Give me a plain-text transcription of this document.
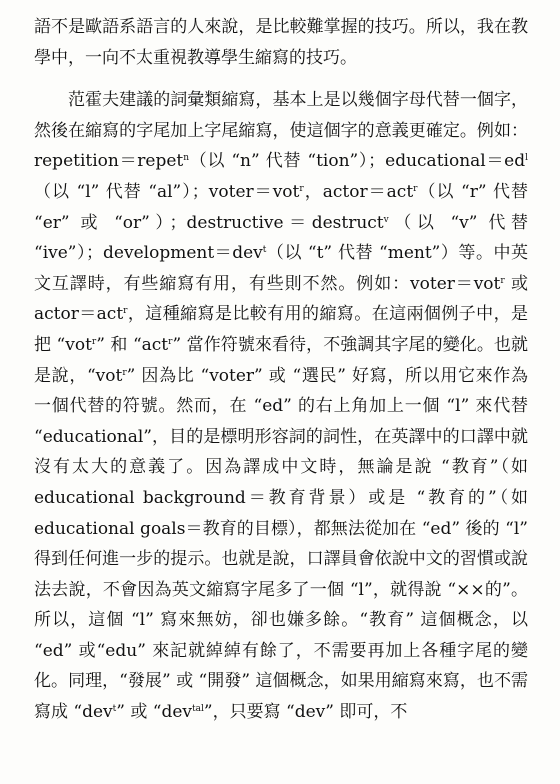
語不是歐語系語言的人來說，是比較難掌握的技巧。所以，我在教學中，一向不太重視教導學生縮寫的技巧。

范霍夫建議的詞彙類縮寫，基本上是以幾個字母代替一個字，然後在縮寫的字尾加上字尾縮寫，使這個字的意義更確定。例如：repetition＝repet$^n$（以 “n” 代替 “tion”）；$educational=ed^l$（以 “l” 代替 “al”）；voter＝vot$^r$，actor＝act$^r$（以 “r” 代替 “er” 或 “or”）；destructive＝destruct$^v$（以 “v” 代替 “ive”）；development＝dev$^t$（以 “t” 代替 “ment”）等。中英文互譯時，有些縮寫有用，有些則不然。例如：voter＝vot$^r$ 或 actor＝act$^r$，這種縮寫是比較有用的縮寫。在這兩個例子中，是把 “vot$^r$” 和 “act$^r$” 當作符號來看待，不強調其字尾的變化。也就是說，“vot$^r$” 因為比 “voter” 或 “選民” 好寫，所以用它來作為一個代替的符號。然而，在 “ed” 的右上角加上一個 “l” 來代替 “educational”，目的是標明形容詞的詞性，在英譯中的口譯中就沒有太大的意義了。因為譯成中文時，無論是說 “教育”（如 educational background＝教育背景）或是 “教育的”（如 educational goals＝教育的目標），都無法從加在 “ed” 後的 “l” 得到任何進一步的提示。也就是說，口譯員會依說中文的習慣或說法去說，不會因為英文縮寫字尾多了一個 “l”，就得說 “××的”。所以，這個 “l” 寫來無妨，卻也嫌多餘。“教育” 這個概念，以 “ed” 或“edu” 來記就綽綽有餘了，不需要再加上各種字尾的變化。同理，“發展” 或 “開發” 這個概念，如果用縮寫來寫，也不需寫成 “dev$^t$” 或 “dev$^{tal}$”，只要寫 “dev” 即可，不
